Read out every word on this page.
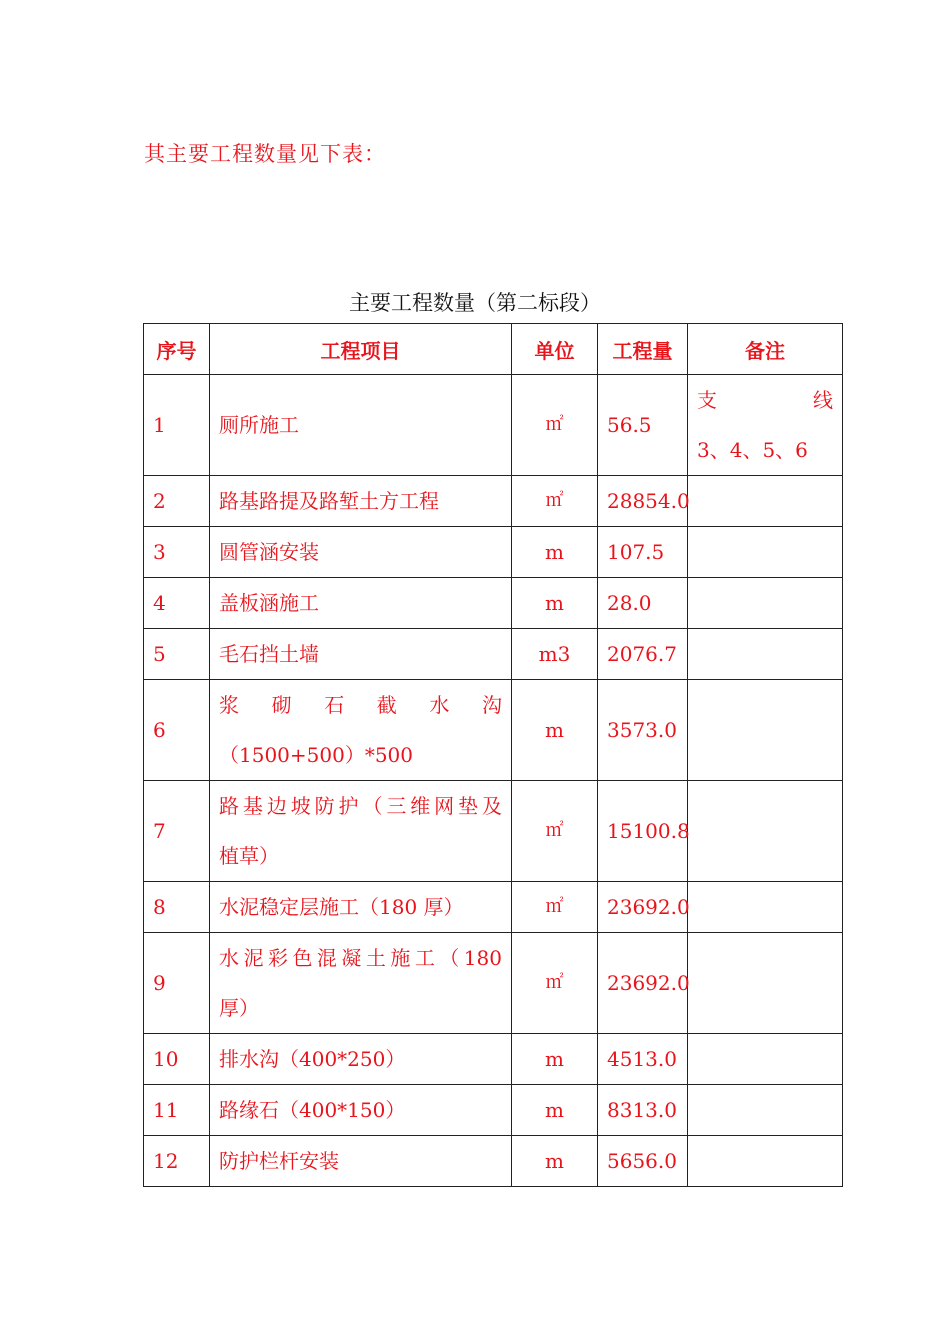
其主要工程数量见下表：
主要工程数量（第二标段）
序号	工程项目	单位	工程量	备注
1	厕所施工	㎡	56.5	支　　　线
3、4、5、6

2	路基路提及路堑土方工程	㎡	28854.0	
3	圆管涵安装	m	107.5	
4	盖板涵施工	m	28.0	
5	毛石挡土墙	m3	2076.7	
6	浆砌石截水沟
（1500+500）*500	m	3573.0	
7	路基边坡防护（三维网垫及
植草）	㎡	15100.8	
8	水泥稳定层施工（180 厚）	㎡	23692.0	
9	水泥彩色混凝土施工（180
厚）	㎡	23692.0	
10	排水沟（400*250）	m	4513.0	
11	路缘石（400*150）	m	8313.0	
12	防护栏杆安装	m	5656.0	
